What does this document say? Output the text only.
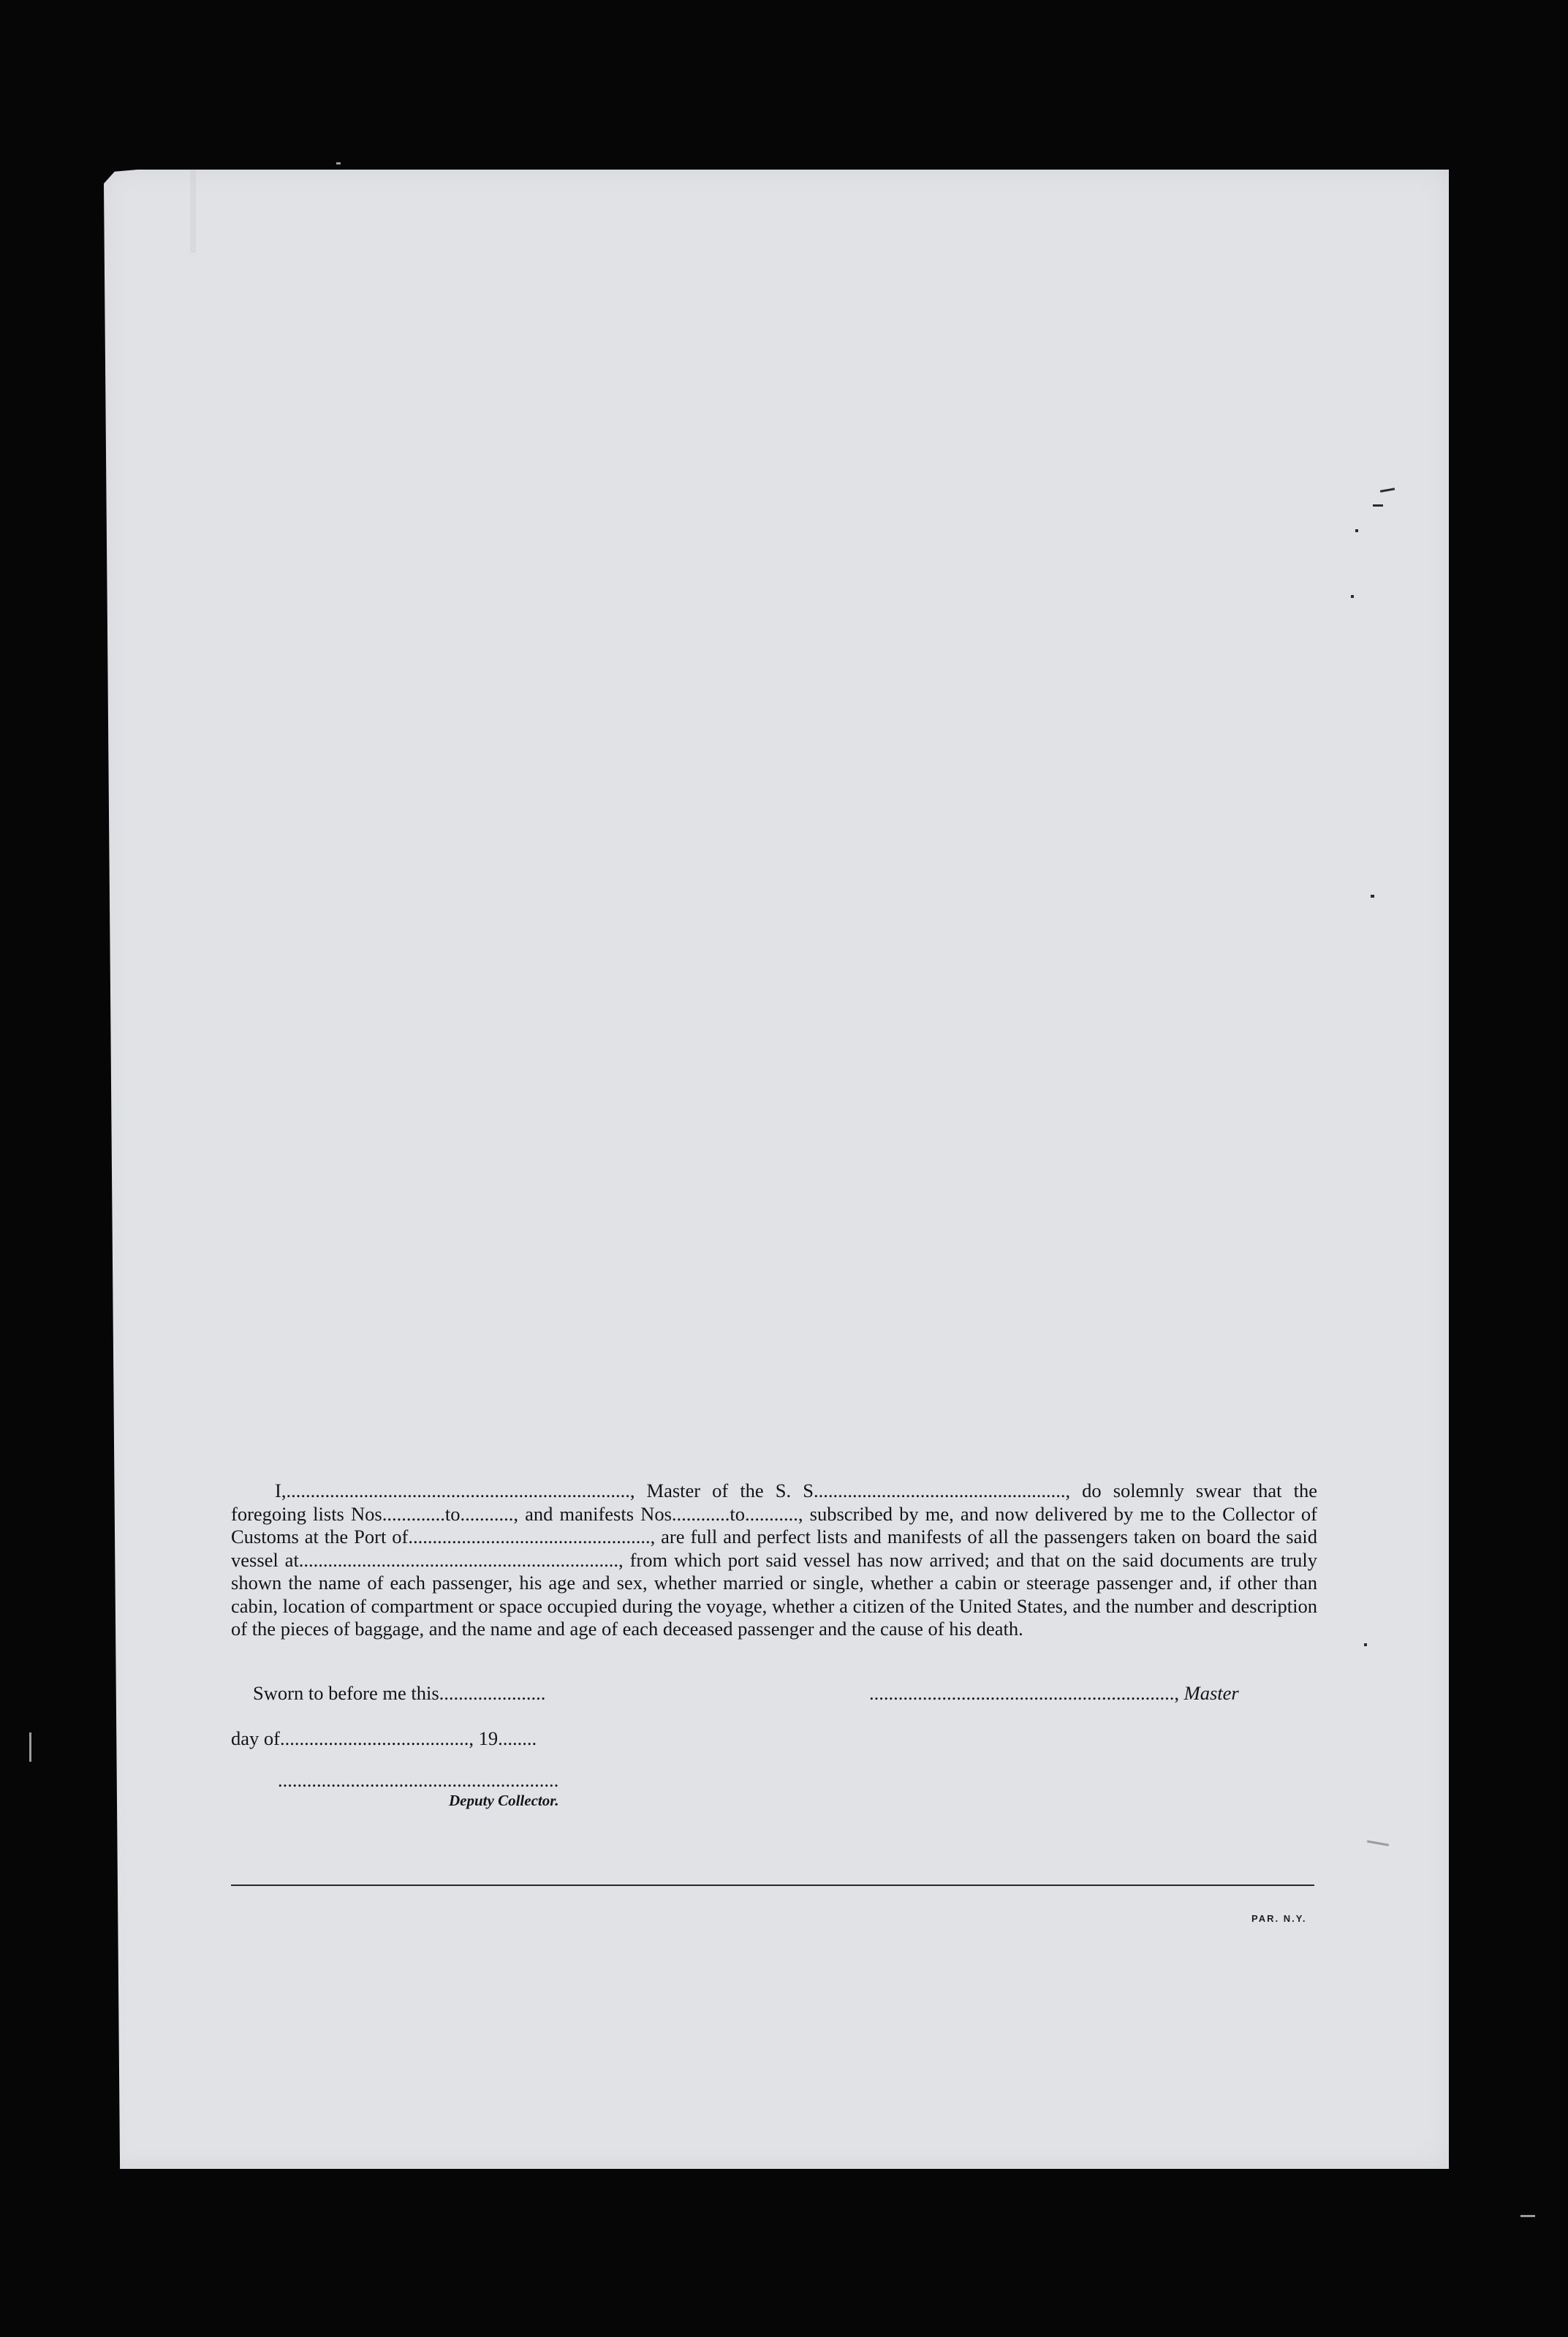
I,......................................................................., Master of the S. S...................................................., do solemnly swear that the foregoing lists Nos.............to..........., and manifests Nos............to..........., subscribed by me, and now delivered by me to the Collector of Customs at the Port of.................................................., are full and perfect lists and manifests of all the passengers taken on board the said vessel at.................................................................., from which port said vessel has now arrived; and that on the said documents are truly shown the name of each passenger, his age and sex, whether married or single, whether a cabin or steerage passenger and, if other than cabin, location of compartment or space occupied during the voyage, whether a citizen of the United States, and the number and description of the pieces of baggage, and the name and age of each deceased passenger and the cause of his death.

Sworn to before me this......................	..............................................................., Master
day of......................................., 19........
..........................................................
Deputy Collector.
PAR. N.Y.
